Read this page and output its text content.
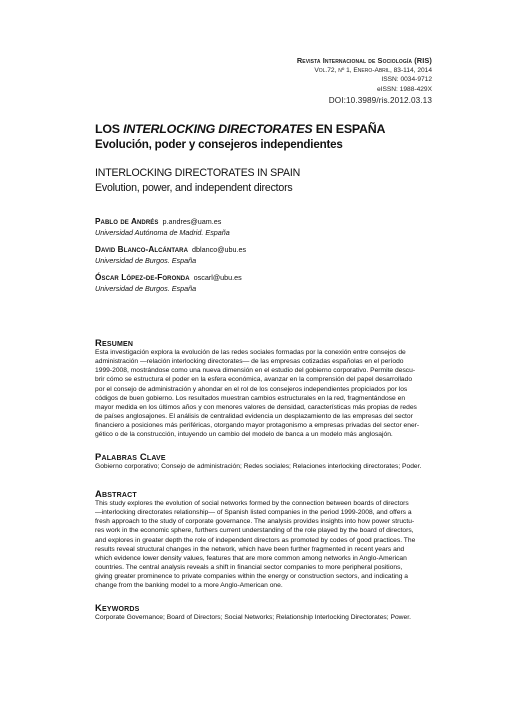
Revista Internacional de Sociología (RIS)
Vol.72, nº 1, Enero-Abril, 83-114, 2014
ISSN: 0034-9712
eISSN: 1988-429X
DOI:10.3989/ris.2012.03.13
LOS INTERLOCKING DIRECTORATES EN ESPAÑA
Evolución, poder y consejeros independientes
INTERLOCKING DIRECTORATES IN SPAIN
Evolution, power, and independent directors
Pablo de Andrés p.andres@uam.es
Universidad Autónoma de Madrid. España
David Blanco-Alcántara dblanco@ubu.es
Universidad de Burgos. España
Óscar López-de-Foronda oscarl@ubu.es
Universidad de Burgos. España
Resumen
Esta investigación explora la evolución de las redes sociales formadas por la conexión entre consejos de
administración —relación interlocking directorates— de las empresas cotizadas españolas en el período
1999-2008, mostrándose como una nueva dimensión en el estudio del gobierno corporativo. Permite descu-
brir cómo se estructura el poder en la esfera económica, avanzar en la comprensión del papel desarrollado
por el consejo de administración y ahondar en el rol de los consejeros independientes propiciados por los
códigos de buen gobierno. Los resultados muestran cambios estructurales en la red, fragmentándose en
mayor medida en los últimos años y con menores valores de densidad, características más propias de redes
de países anglosajones. El análisis de centralidad evidencia un desplazamiento de las empresas del sector
financiero a posiciones más periféricas, otorgando mayor protagonismo a empresas privadas del sector ener-
gético o de la construcción, intuyendo un cambio del modelo de banca a un modelo más anglosajón.
Palabras Clave
Gobierno corporativo; Consejo de administración; Redes sociales; Relaciones interlocking directorates; Poder.
Abstract
This study explores the evolution of social networks formed by the connection between boards of directors
—interlocking directorates relationship— of Spanish listed companies in the period 1999-2008, and offers a
fresh approach to the study of corporate governance. The analysis provides insights into how power structu-
res work in the economic sphere, furthers current understanding of the role played by the board of directors,
and explores in greater depth the role of independent directors as promoted by codes of good practices. The
results reveal structural changes in the network, which have been further fragmented in recent years and
which evidence lower density values, features that are more common among networks in Anglo-American
countries. The central analysis reveals a shift in financial sector companies to more peripheral positions,
giving greater prominence to private companies within the energy or construction sectors, and indicating a
change from the banking model to a more Anglo-American one.
Keywords
Corporate Governance; Board of Directors; Social Networks; Relationship Interlocking Directorates; Power.
